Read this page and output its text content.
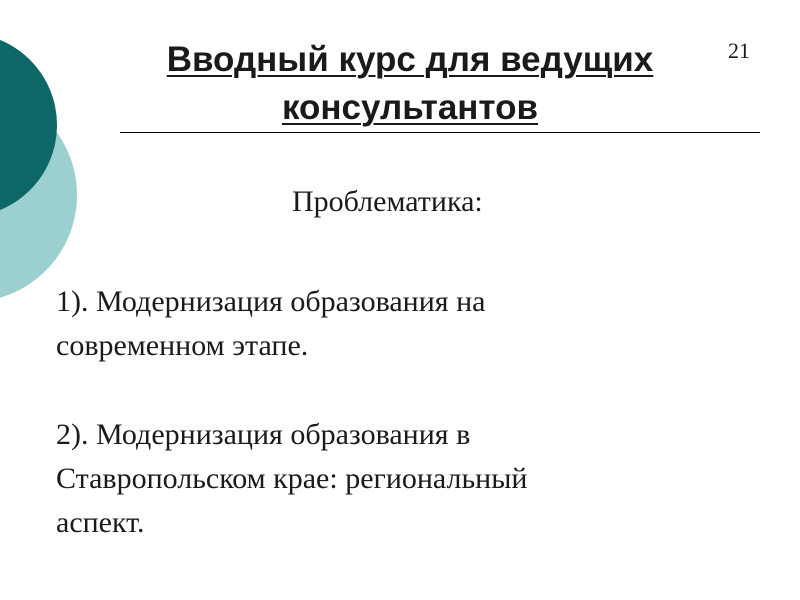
Вводный курс для ведущих
консультантов
21
Проблематика:
1). Модернизация образования на
современном этапе.
2). Модернизация образования в
Ставропольском крае: региональный
аспект.
